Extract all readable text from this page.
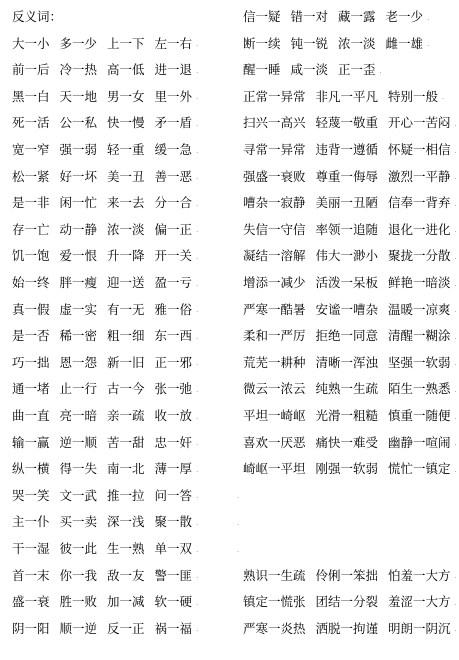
反义词：
大一小 多一少 上一下 左一右 .
前一后 冷一热 高一低 进一退 .
黑一白 天一地 男一女 里一外 .
死一活 公一私 快一慢 矛一盾 .
宽一窄 强一弱 轻一重 缓一急 .
松一紧 好一坏 美一丑 善一恶 .
是一非 闲一忙 来一去 分一合 .
存一亡 动一静 浓一淡 偏一正 .
饥一饱 爱一恨 升一降 开一关 .
始一终 胖一瘦 迎一送 盈一亏 .
真一假 虚一实 有一无 雅一俗 .
是一否 稀一密 粗一细 东一西 .
巧一拙 恩一怨 新一旧 正一邪 .
通一堵 止一行 古一今 张一弛 .
曲一直 亮一暗 亲一疏 收一放 .
输一赢 逆一顺 苦一甜 忠一奸 .
纵一横 得一失 南一北 薄一厚 .
哭一笑 文一武 推一拉 问一答 .
主一仆 买一卖 深一浅 聚一散 .
干一湿 彼一此 生一熟 单一双 .
首一末 你一我 敌一友 警一匪 .
盛一衰 胜一败 加一减 软一硬 .
阴一阳 顺一逆 反一正 祸一福 .
信一疑 错一对 藏一露 老一少 .
断一续 钝一锐 浓一淡 雌一雄 .
醒一睡 咸一淡 正一歪 .
正常一异常 非凡一平凡 特别一般 .
扫兴一高兴 轻蔑一敬重 开心一苦闷 .
寻常一异常 违背一遵循 怀疑一相信 .
强盛一衰败 尊重一侮辱 激烈一平静 .
嘈杂一寂静 美丽一丑陋 信奉一背弃 .
失信一守信 率领一追随 退化一进化 .
凝结一溶解 伟大一渺小 聚拢一分散 .
增添一减少 活泼一呆板 鲜艳一暗淡 .
严寒一酷暑 安谧一嘈杂 温暖一凉爽 .
柔和一严厉 拒绝一同意 清醒一糊涂 .
荒芜一耕种 清晰一浑浊 坚强一软弱 .
微云一浓云 纯熟一生疏 陌生一熟悉 .
平坦一崎岖 光滑一粗糙 慎重一随便 .
喜欢一厌恶 痛快一难受 幽静一喧闹 .
崎岖一平坦 刚强一软弱 慌忙一镇定 .
.
.
.
熟识一生疏 伶俐一笨拙 怕羞一大方 .
镇定一慌张 团结一分裂 羞涩一大方 .
严寒一炎热 洒脱一拘谨 明朗一阴沉 .
